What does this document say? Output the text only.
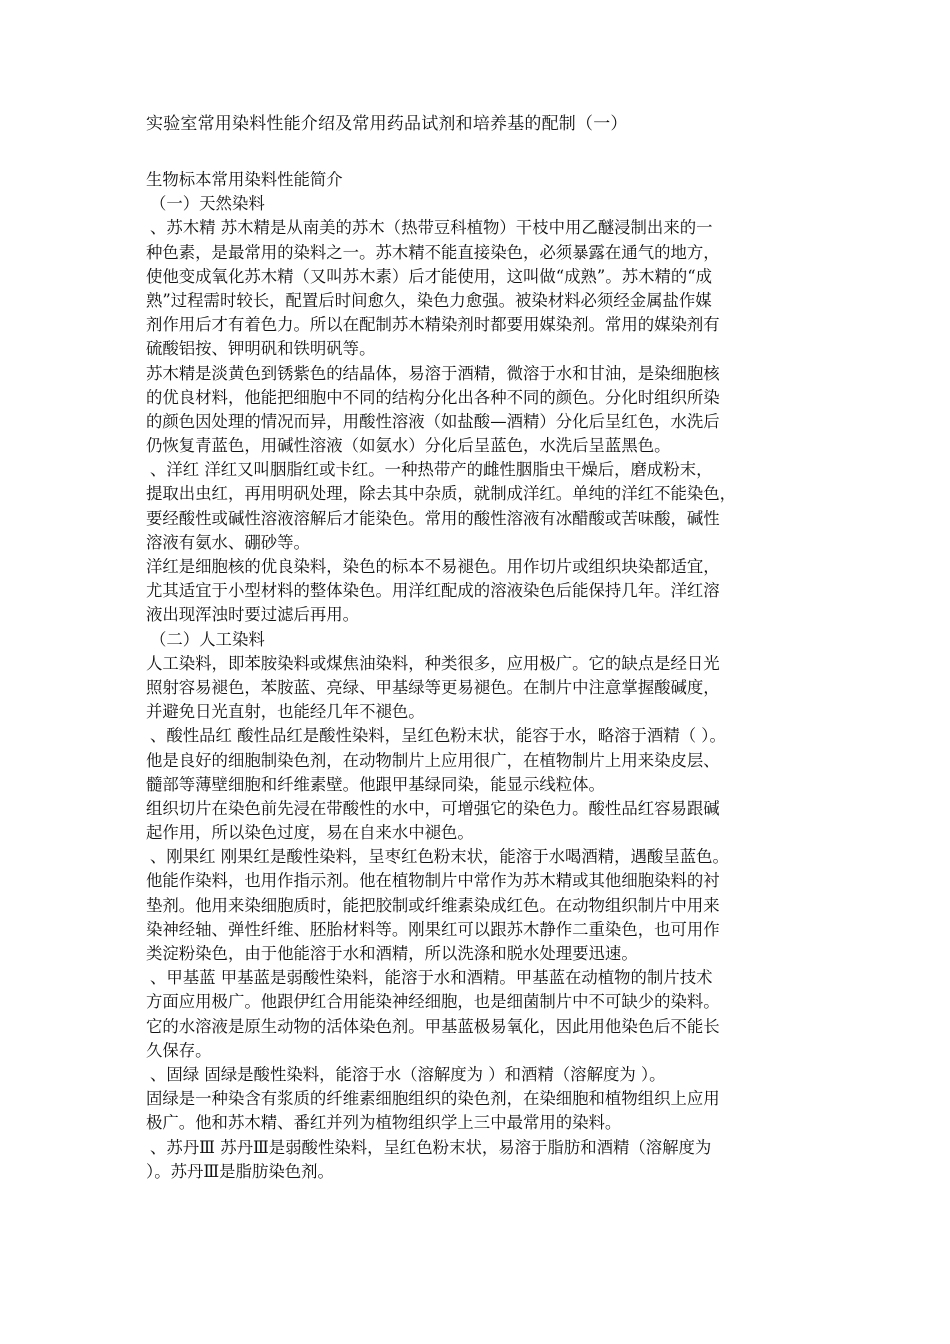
实验室常用染料性能介绍及常用药品试剂和培养基的配制（一）
生物标本常用染料性能简介
（一）天然染料
、苏木精 苏木精是从南美的苏木（热带豆科植物）干枝中用乙醚浸制出来的一
种色素，是最常用的染料之一。苏木精不能直接染色，必须暴露在通气的地方，
使他变成氧化苏木精（又叫苏木素）后才能使用，这叫做“成熟”。苏木精的“成
熟”过程需时较长，配置后时间愈久，染色力愈强。被染材料必须经金属盐作媒
剂作用后才有着色力。所以在配制苏木精染剂时都要用媒染剂。常用的媒染剂有
硫酸铝按、钾明矾和铁明矾等。
苏木精是淡黄色到锈紫色的结晶体，易溶于酒精，微溶于水和甘油，是染细胞核
的优良材料，他能把细胞中不同的结构分化出各种不同的颜色。分化时组织所染
的颜色因处理的情况而异，用酸性溶液（如盐酸—酒精）分化后呈红色，水洗后
仍恢复青蓝色，用碱性溶液（如氨水）分化后呈蓝色，水洗后呈蓝黑色。
、洋红 洋红又叫胭脂红或卡红。一种热带产的雌性胭脂虫干燥后，磨成粉末，
提取出虫红，再用明矾处理，除去其中杂质，就制成洋红。单纯的洋红不能染色，
要经酸性或碱性溶液溶解后才能染色。常用的酸性溶液有冰醋酸或苦味酸，碱性
溶液有氨水、硼砂等。
洋红是细胞核的优良染料，染色的标本不易褪色。用作切片或组织块染都适宜，
尤其适宜于小型材料的整体染色。用洋红配成的溶液染色后能保持几年。洋红溶
液出现浑浊时要过滤后再用。
（二）人工染料
人工染料，即苯胺染料或煤焦油染料，种类很多，应用极广。它的缺点是经日光
照射容易褪色，苯胺蓝、亮绿、甲基绿等更易褪色。在制片中注意掌握酸碱度，
并避免日光直射，也能经几年不褪色。
、酸性品红 酸性品红是酸性染料，呈红色粉末状，能容于水，略溶于酒精（ ）。
他是良好的细胞制染色剂，在动物制片上应用很广，在植物制片上用来染皮层、
髓部等薄壁细胞和纤维素壁。他跟甲基绿同染，能显示线粒体。
组织切片在染色前先浸在带酸性的水中，可增强它的染色力。酸性品红容易跟碱
起作用，所以染色过度，易在自来水中褪色。
、刚果红 刚果红是酸性染料，呈枣红色粉末状，能溶于水喝酒精，遇酸呈蓝色。
他能作染料，也用作指示剂。他在植物制片中常作为苏木精或其他细胞染料的衬
垫剂。他用来染细胞质时，能把胶制或纤维素染成红色。在动物组织制片中用来
染神经轴、弹性纤维、胚胎材料等。刚果红可以跟苏木静作二重染色，也可用作
类淀粉染色，由于他能溶于水和酒精，所以洗涤和脱水处理要迅速。
、甲基蓝 甲基蓝是弱酸性染料，能溶于水和酒精。甲基蓝在动植物的制片技术
方面应用极广。他跟伊红合用能染神经细胞，也是细菌制片中不可缺少的染料。
它的水溶液是原生动物的活体染色剂。甲基蓝极易氧化，因此用他染色后不能长
久保存。
、固绿 固绿是酸性染料，能溶于水（溶解度为 ）和酒精（溶解度为 ）。
固绿是一种染含有浆质的纤维素细胞组织的染色剂，在染细胞和植物组织上应用
极广。他和苏木精、番红并列为植物组织学上三中最常用的染料。
、苏丹Ⅲ 苏丹Ⅲ是弱酸性染料，呈红色粉末状，易溶于脂肪和酒精（溶解度为
）。苏丹Ⅲ是脂肪染色剂。
